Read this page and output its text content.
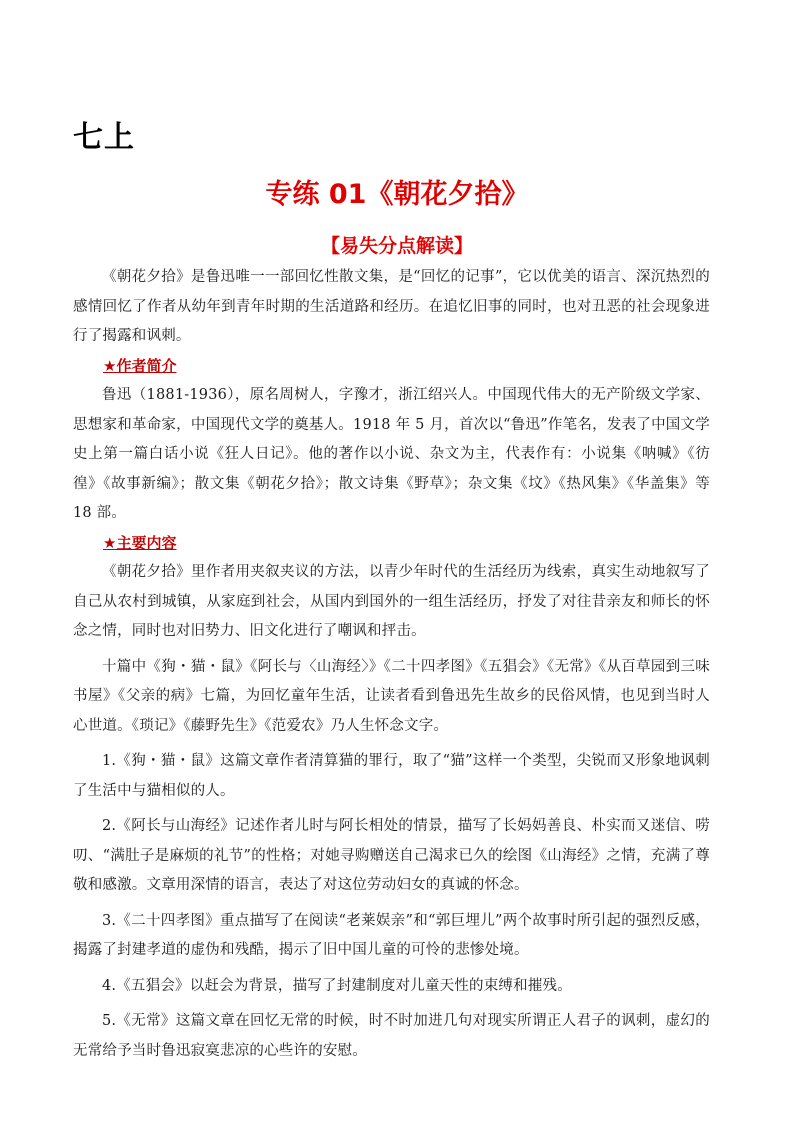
七上
专练 01《朝花夕拾》
【易失分点解读】

《朝花夕拾》是鲁迅唯一一部回忆性散文集，是“回忆的记事”，它以优美的语言、深沉热烈的感情回忆了作者从幼年到青年时期的生活道路和经历。在追忆旧事的同时，也对丑恶的社会现象进行了揭露和讽刺。

★作者简介

鲁迅（1881-1936），原名周树人，字豫才，浙江绍兴人。中国现代伟大的无产阶级文学家、思想家和革命家，中国现代文学的奠基人。1918 年 5 月，首次以“鲁迅”作笔名，发表了中国文学史上第一篇白话小说《狂人日记》。他的著作以小说、杂文为主，代表作有：小说集《呐喊》《彷徨》《故事新编》；散文集《朝花夕拾》；散文诗集《野草》；杂文集《坟》《热风集》《华盖集》等 18 部。

★主要内容

《朝花夕拾》里作者用夹叙夹议的方法，以青少年时代的生活经历为线索，真实生动地叙写了自己从农村到城镇，从家庭到社会，从国内到国外的一组生活经历，抒发了对往昔亲友和师长的怀念之情，同时也对旧势力、旧文化进行了嘲讽和抨击。

十篇中《狗・猫・鼠》《阿长与〈山海经〉》《二十四孝图》《五猖会》《无常》《从百草园到三味书屋》《父亲的病》七篇，为回忆童年生活，让读者看到鲁迅先生故乡的民俗风情，也见到当时人心世道。《琐记》《藤野先生》《范爱农》乃人生怀念文字。

1.《狗・猫・鼠》这篇文章作者清算猫的罪行，取了“猫”这样一个类型，尖锐而又形象地讽刺了生活中与猫相似的人。

2.《阿长与山海经》记述作者儿时与阿长相处的情景，描写了长妈妈善良、朴实而又迷信、唠叨、“满肚子是麻烦的礼节”的性格；对她寻购赠送自己渴求已久的绘图《山海经》之情，充满了尊敬和感激。文章用深情的语言，表达了对这位劳动妇女的真诚的怀念。

3.《二十四孝图》重点描写了在阅读“老莱娱亲”和“郭巨埋儿”两个故事时所引起的强烈反感，揭露了封建孝道的虚伪和残酷，揭示了旧中国儿童的可怜的悲惨处境。

4.《五猖会》以赶会为背景，描写了封建制度对儿童天性的束缚和摧残。

5.《无常》这篇文章在回忆无常的时候，时不时加进几句对现实所谓正人君子的讽刺，虚幻的无常给予当时鲁迅寂寞悲凉的心些许的安慰。
